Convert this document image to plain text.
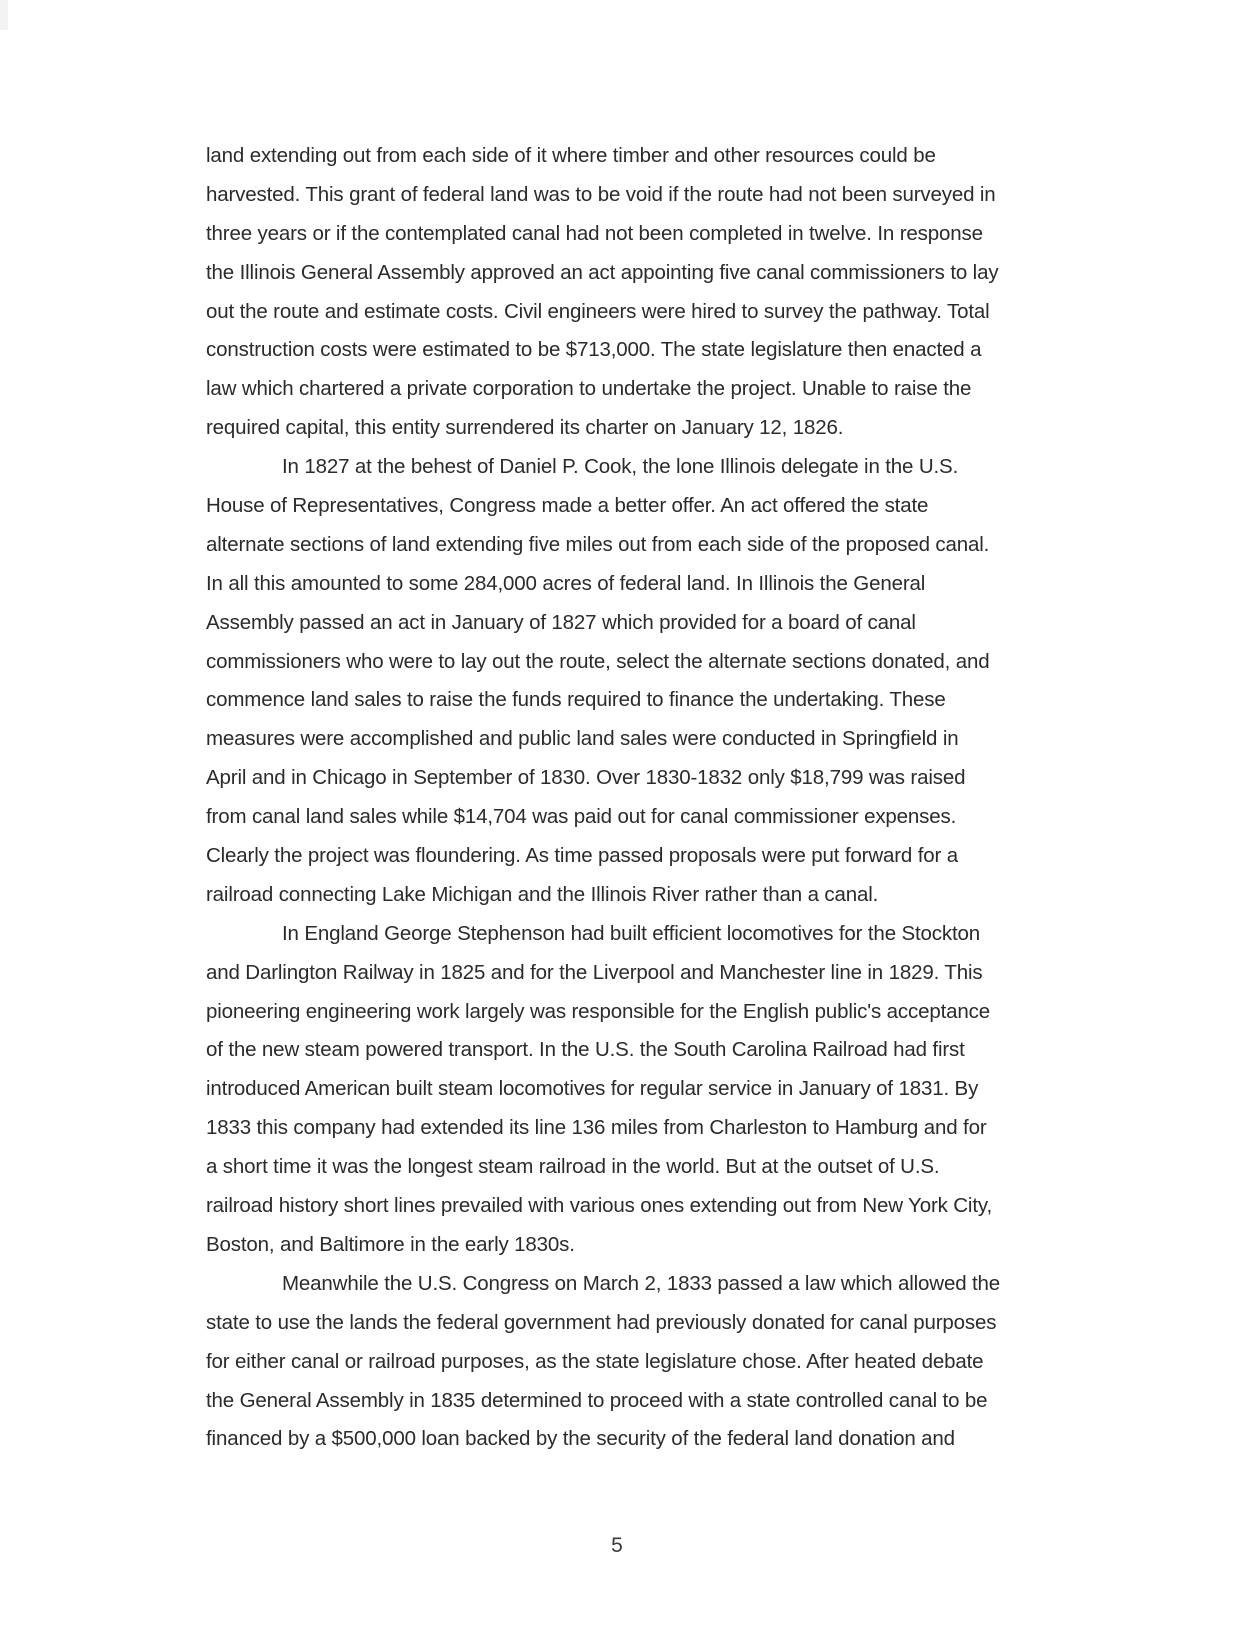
land extending out from each side of it where timber and other resources could be
harvested. This grant of federal land was to be void if the route had not been surveyed in
three years or if the contemplated canal had not been completed in twelve. In response
the Illinois General Assembly approved an act appointing five canal commissioners to lay
out the route and estimate costs. Civil engineers were hired to survey the pathway. Total
construction costs were estimated to be $713,000. The state legislature then enacted a
law which chartered a private corporation to undertake the project. Unable to raise the
required capital, this entity surrendered its charter on January 12, 1826.
In 1827 at the behest of Daniel P. Cook, the lone Illinois delegate in the U.S.
House of Representatives, Congress made a better offer. An act offered the state
alternate sections of land extending five miles out from each side of the proposed canal.
In all this amounted to some 284,000 acres of federal land. In Illinois the General
Assembly passed an act in January of 1827 which provided for a board of canal
commissioners who were to lay out the route, select the alternate sections donated, and
commence land sales to raise the funds required to finance the undertaking. These
measures were accomplished and public land sales were conducted in Springfield in
April and in Chicago in September of 1830. Over 1830-1832 only $18,799 was raised
from canal land sales while $14,704 was paid out for canal commissioner expenses.
Clearly the project was floundering. As time passed proposals were put forward for a
railroad connecting Lake Michigan and the Illinois River rather than a canal.
In England George Stephenson had built efficient locomotives for the Stockton
and Darlington Railway in 1825 and for the Liverpool and Manchester line in 1829. This
pioneering engineering work largely was responsible for the English public's acceptance
of the new steam powered transport. In the U.S. the South Carolina Railroad had first
introduced American built steam locomotives for regular service in January of 1831. By
1833 this company had extended its line 136 miles from Charleston to Hamburg and for
a short time it was the longest steam railroad in the world. But at the outset of U.S.
railroad history short lines prevailed with various ones extending out from New York City,
Boston, and Baltimore in the early 1830s.
Meanwhile the U.S. Congress on March 2, 1833 passed a law which allowed the
state to use the lands the federal government had previously donated for canal purposes
for either canal or railroad purposes, as the state legislature chose. After heated debate
the General Assembly in 1835 determined to proceed with a state controlled canal to be
financed by a $500,000 loan backed by the security of the federal land donation and
5
